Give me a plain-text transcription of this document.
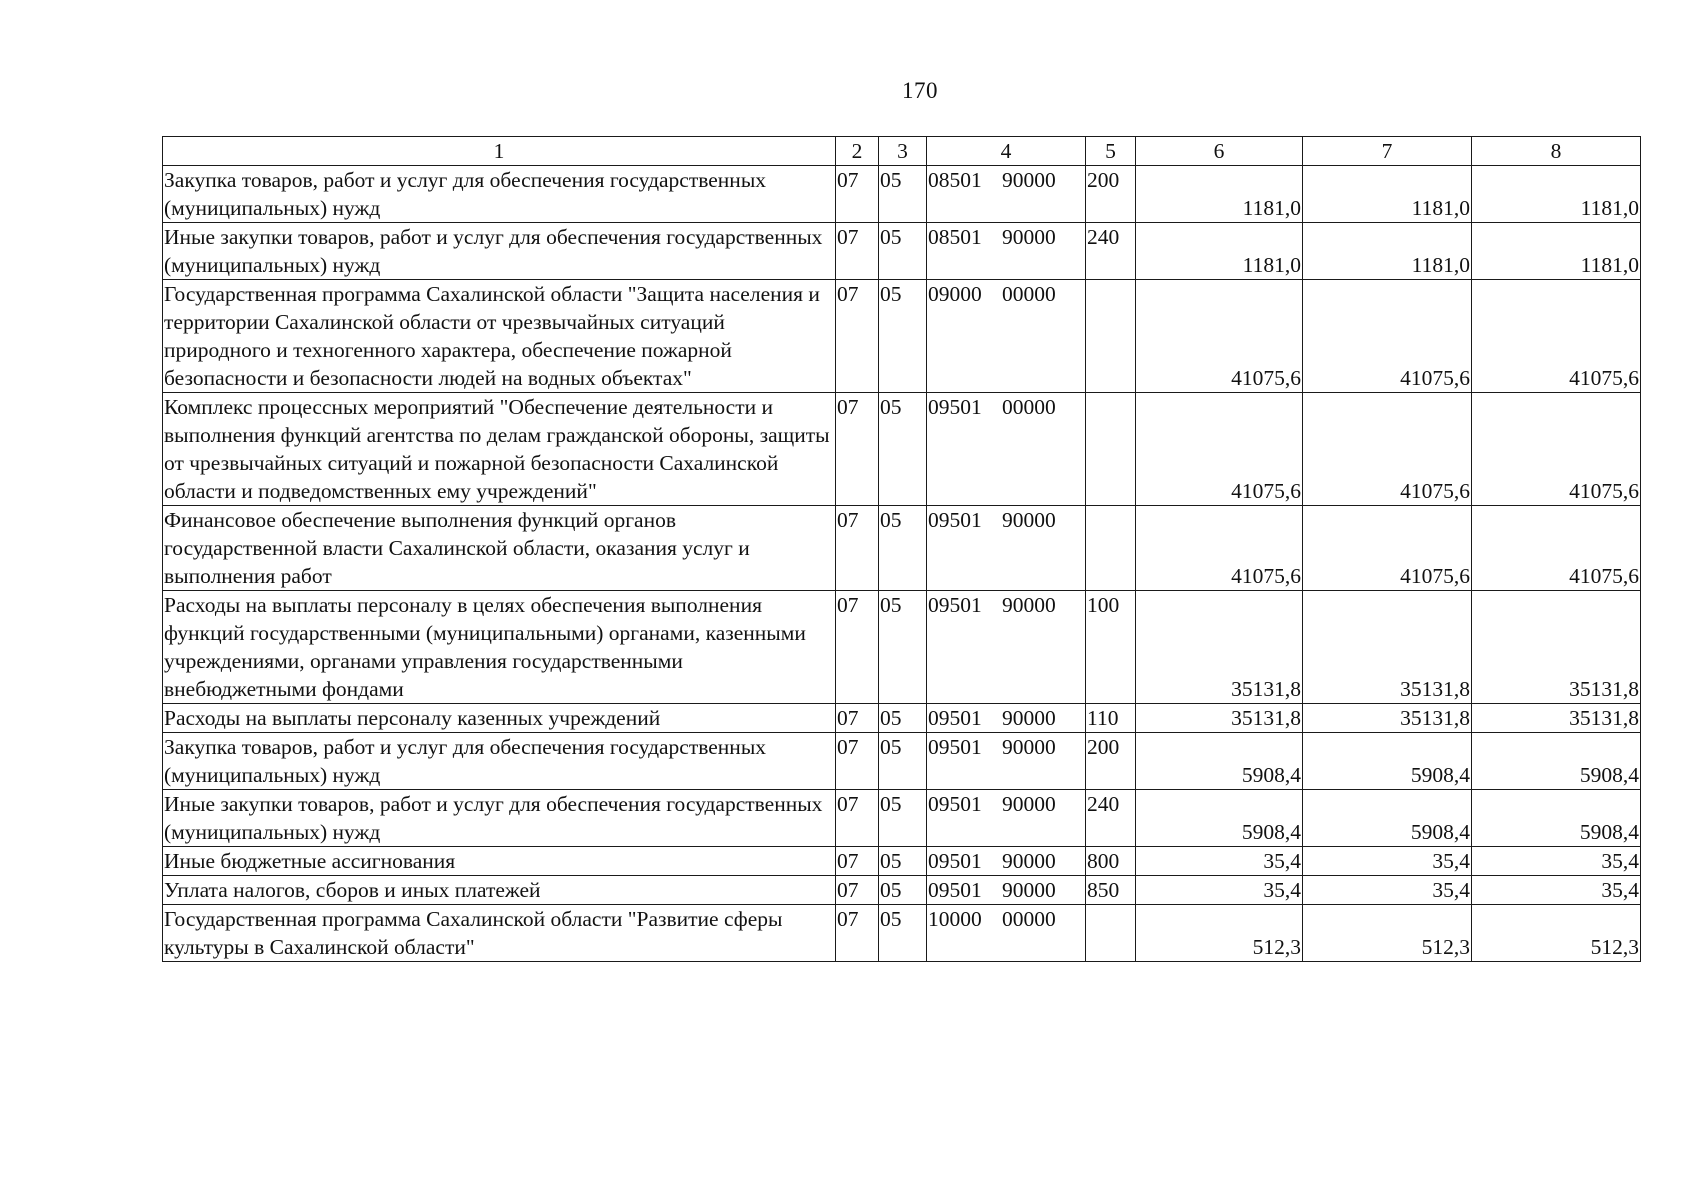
170
1	2	3	4	5	6	7	8
Закупка товаров, работ и услуг для обеспечения государственных (муниципальных) нужд	07	05	08501 90000	200	1181,0	1181,0	1181,0
Иные закупки товаров, работ и услуг для обеспечения государственных (муниципальных) нужд	07	05	08501 90000	240	1181,0	1181,0	1181,0
Государственная программа Сахалинской области "Защита населения и территории Сахалинской области от чрезвычайных ситуаций природного и техногенного характера, обеспечение пожарной безопасности и безопасности людей на водных объектах"	07	05	09000 00000		41075,6	41075,6	41075,6
Комплекс процессных мероприятий "Обеспечение деятельности и выполнения функций агентства по делам гражданской обороны, защиты от чрезвычайных ситуаций и пожарной безопасности Сахалинской области и подведомственных ему учреждений"	07	05	09501 00000		41075,6	41075,6	41075,6
Финансовое обеспечение выполнения функций органов государственной власти Сахалинской области, оказания услуг и выполнения работ	07	05	09501 90000		41075,6	41075,6	41075,6
Расходы на выплаты персоналу в целях обеспечения выполнения функций государственными (муниципальными) органами, казенными учреждениями, органами управления государственными внебюджетными фондами	07	05	09501 90000	100	35131,8	35131,8	35131,8
Расходы на выплаты персоналу казенных учреждений	07	05	09501 90000	110	35131,8	35131,8	35131,8
Закупка товаров, работ и услуг для обеспечения государственных (муниципальных) нужд	07	05	09501 90000	200	5908,4	5908,4	5908,4
Иные закупки товаров, работ и услуг для обеспечения государственных (муниципальных) нужд	07	05	09501 90000	240	5908,4	5908,4	5908,4
Иные бюджетные ассигнования	07	05	09501 90000	800	35,4	35,4	35,4
Уплата налогов, сборов и иных платежей	07	05	09501 90000	850	35,4	35,4	35,4
Государственная программа Сахалинской области "Развитие сферы культуры в Сахалинской области"	07	05	10000 00000		512,3	512,3	512,3
